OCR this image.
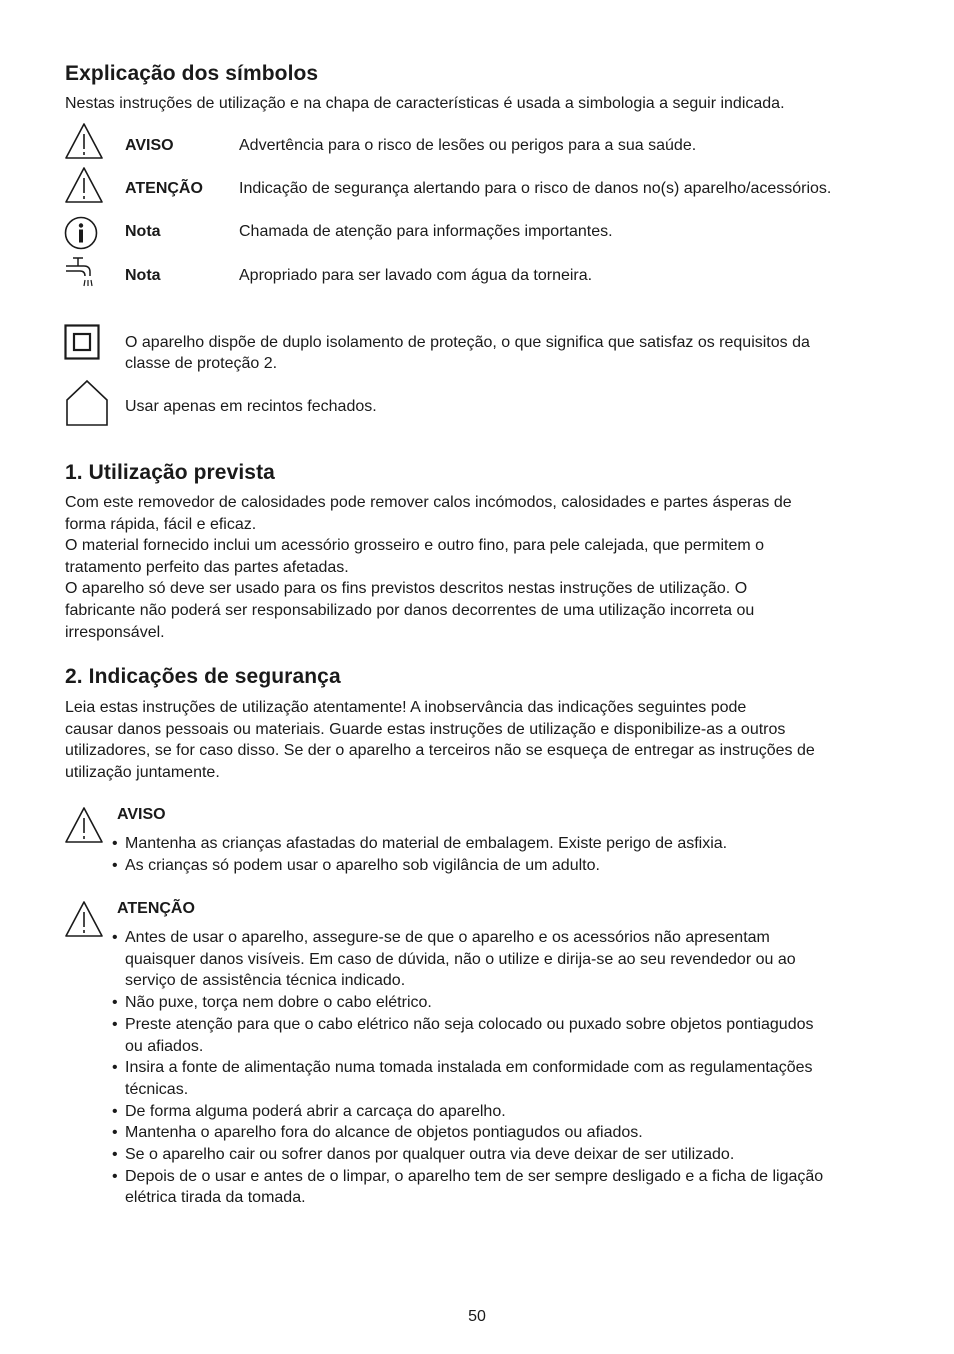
Explicação dos símbolos

Nestas instruções de utilização e na chapa de características é usada a simbologia a seguir indicada.

AVISO	Advertência para o risco de lesões ou perigos para a sua saúde.
ATENÇÃO Indicação de segurança alertando para o risco de danos no(s) aparelho/acessórios.
Nota	Chamada de atenção para informações importantes.
Nota	Apropriado para ser lavado com água da torneira.

O aparelho dispõe de duplo isolamento de proteção, o que significa que satisfaz os requisitos da

classe de proteção 2.

Usar apenas em recintos fechados.

1. Utilização prevista

Com este removedor de calosidades pode remover calos incómodos, calosidades e partes ásperas de

forma rápida, fácil e eficaz.

O material fornecido inclui um acessório grosseiro e outro fino, para pele calejada, que permitem o

tratamento perfeito das partes afetadas.

O aparelho só deve ser usado para os fins previstos descritos nestas instruções de utilização. O

fabricante não poderá ser responsabilizado por danos decorrentes de uma utilização incorreta ou

irresponsável.

2. Indicações de segurança

Leia estas instruções de utilização atentamente! A inobservância das indicações seguintes pode

causar danos pessoais ou materiais. Guarde estas instruções de utilização e disponibilize-as a outros

utilizadores, se for caso disso. Se der o aparelho a terceiros não se esqueça de entregar as instruções de

utilização juntamente.

AVISO
• Mantenha as crianças afastadas do material de embalagem. Existe perigo de asfixia.
• As crianças só podem usar o aparelho sob vigilância de um adulto.
ATENÇÃO
• Antes de usar o aparelho, assegure-se de que o aparelho e os acessórios não apresentam
quaisquer danos visíveis. Em caso de dúvida, não o utilize e dirija-se ao seu revendedor ou ao
serviço de assistência técnica indicado.
• Não puxe, torça nem dobre o cabo elétrico.
• Preste atenção para que o cabo elétrico não seja colocado ou puxado sobre objetos pontiagudos
ou afiados.
• Insira a fonte de alimentação numa tomada instalada em conformidade com as regulamentações
técnicas.
• De forma alguma poderá abrir a carcaça do aparelho.
• Mantenha o aparelho fora do alcance de objetos pontiagudos ou afiados.
• Se o aparelho cair ou sofrer danos por qualquer outra via deve deixar de ser utilizado.
• Depois de o usar e antes de o limpar, o aparelho tem de ser sempre desligado e a ficha de ligação
elétrica tirada da tomada.
50
